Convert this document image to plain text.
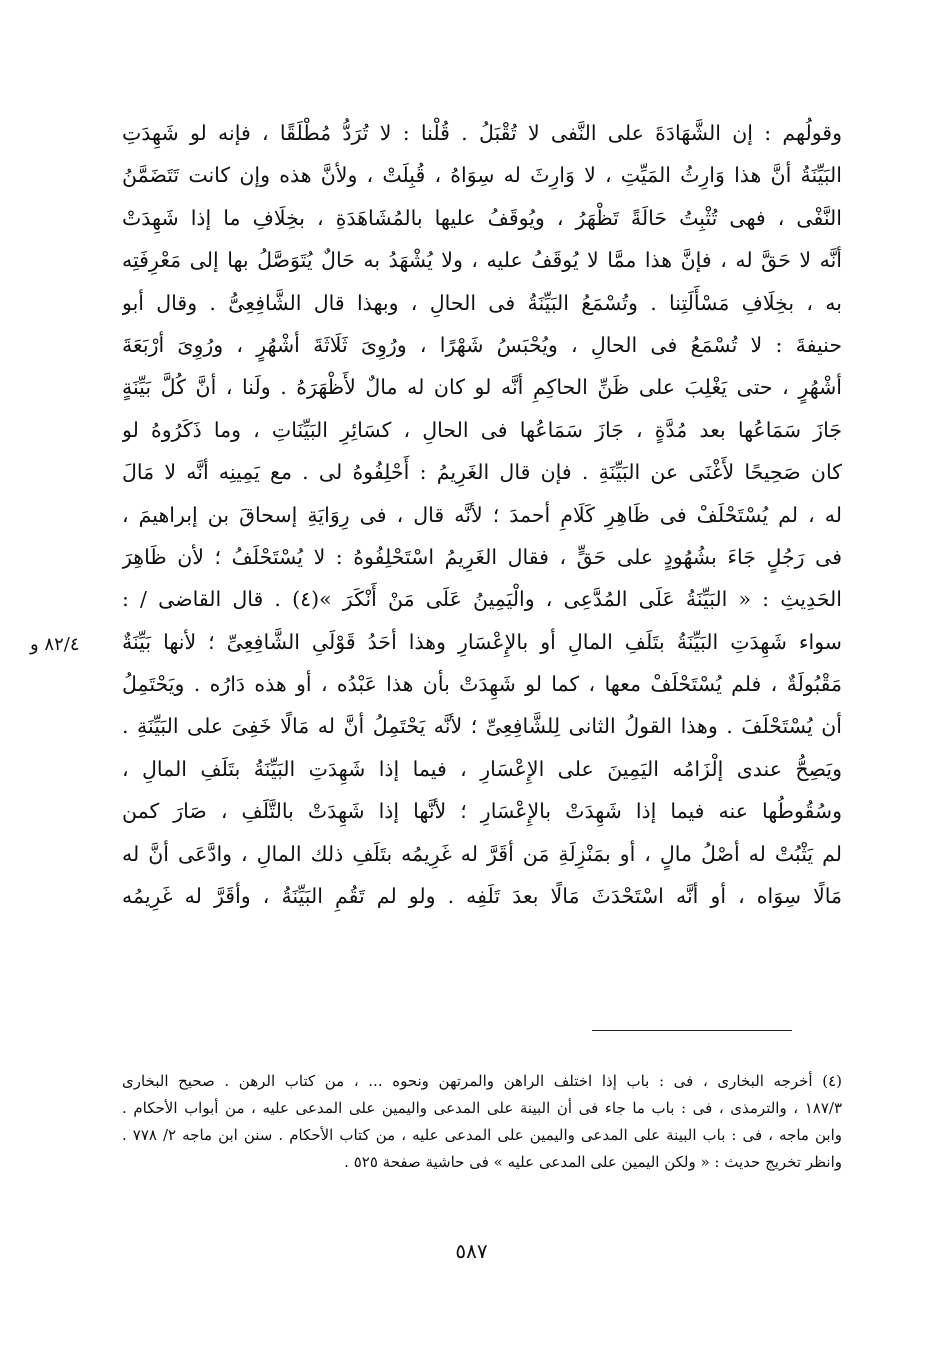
وقولُهم : إن الشَّهَادَةَ على النَّفى لا تُقْبَلُ . قُلْنا : لا تُرَدُّ مُطْلَقًا ، فإنه لو شَهِدَتِ
البَيِّنَةُ أنَّ هذا وَارِثُ المَيِّتِ ، لا وَارِثَ له سِوَاهُ ، قُبِلَتْ ، ولأنَّ هذه وإن كانت تَتَضَمَّنُ
النَّفْى ، فهى تُثْبِتُ حَالَةً تَظْهَرُ ، ويُوقَفُ عليها بالمُشَاهَدَةِ ، بخِلَافِ ما إذا شَهِدَتْ
أنَّه لا حَقَّ له ، فإنَّ هذا ممَّا لا يُوقَفُ عليه ، ولا يُشْهَدُ به حَالٌ يُتَوَصَّلُ بها إلى مَعْرِفَتِه
به ، بخِلَافِ مَسْأَلَتِنا . وتُسْمَعُ البَيِّنَةُ فى الحالِ ، وبهذا قال الشَّافِعِىُّ . وقال أبو
حنيفةَ : لا تُسْمَعُ فى الحالِ ، ويُحْبَسُ شَهْرًا ، ورُوِىَ ثَلَاثَةَ أشْهُرٍ ، ورُوِىَ أرْبَعَةَ
أشْهُرٍ ، حتى يَغْلِبَ على ظَنِّ الحاكِمِ أنَّه لو كان له مالٌ لأَظْهَرَهُ . ولَنا ، أنَّ كُلَّ بَيِّنَةٍ
جَازَ سَمَاعُها بعد مُدَّةٍ ، جَازَ سَمَاعُها فى الحالِ ، كسَائِرِ البَيِّنَاتِ ، وما ذَكَرُوهُ لو
كان صَحِيحًا لأَغْنَى عن البَيِّنَةِ . فإن قال الغَرِيمُ : أَحْلِفُوهُ لى . مع يَمِينِه أنَّه لا مَالَ
له ، لم يُسْتَحْلَفْ فى ظَاهِرِ كَلَامِ أحمدَ ؛ لأنَّه قال ، فى رِوَايَةِ إسحاقَ بن إبراهيمَ ،
فى رَجُلٍ جَاءَ بشُهُودٍ على حَقٍّ ، فقال الغَرِيمُ اسْتَحْلِفُوهُ : لا يُسْتَحْلَفُ ؛ لأن ظَاهِرَ
الحَدِيثِ : « البَيِّنَةُ عَلَى المُدَّعِى ، والْيَمِينُ عَلَى مَنْ أَنْكَرَ »(٤) . قال القاضى / :
سواء شَهِدَتِ البَيِّنَةُ بتَلَفِ المالِ أو بالإِعْسَارِ وهذا أحَدُ قَوْلَىِ الشَّافِعِىِّ ؛ لأنها بَيِّنَةٌ
مَقْبُولَةٌ ، فلم يُسْتَحْلَفْ معها ، كما لو شَهِدَتْ بأن هذا عَبْدُه ، أو هذه دَارُه . ويَحْتَمِلُ
أن يُسْتَحْلَفَ . وهذا القولُ الثانى لِلشَّافِعِىِّ ؛ لأنَّه يَحْتَمِلُ أنَّ له مَالًا خَفِىَ على البَيِّنَةِ .
ويَصِحُّ عندى إلْزَامُه اليَمِينَ على الإِعْسَارِ ، فيما إذا شَهِدَتِ البَيِّنَةُ بتَلَفِ المالِ ،
وسُقُوطُها عنه فيما إذا شَهِدَتْ بالإِعْسَارِ ؛ لأنَّها إذا شَهِدَتْ بالتَّلَفِ ، صَارَ كمن
لم يَثْبُتْ له أصْلُ مالٍ ، أو بمَنْزِلَةِ مَن أقَرَّ له غَرِيمُه بتَلَفِ ذلك المالِ ، وادَّعَى أنَّ له
مَالًا سِوَاه ، أو أنَّه اسْتَحْدَثَ مَالًا بعدَ تَلَفِه . ولو لم تَقُمِ البَيِّنَةُ ، وأقَرَّ له غَرِيمُه
٨٢/٤ و
(٤) أخرجه البخارى ، فى : باب إذا اختلف الراهن والمرتهن ونحوه ... ، من كتاب الرهن . صحيح البخارى
١٨٧/٣ ، والترمذى ، فى : باب ما جاء فى أن البينة على المدعى واليمين على المدعى عليه ، من أبواب الأحكام .
وابن ماجه ، فى : باب البينة على المدعى واليمين على المدعى عليه ، من كتاب الأحكام . سنن ابن ماجه ٢/ ٧٧٨ .
وانظر تخريج حديث : « ولكن اليمين على المدعى عليه » فى حاشية صفحة ٥٢٥ .
٥٨٧
